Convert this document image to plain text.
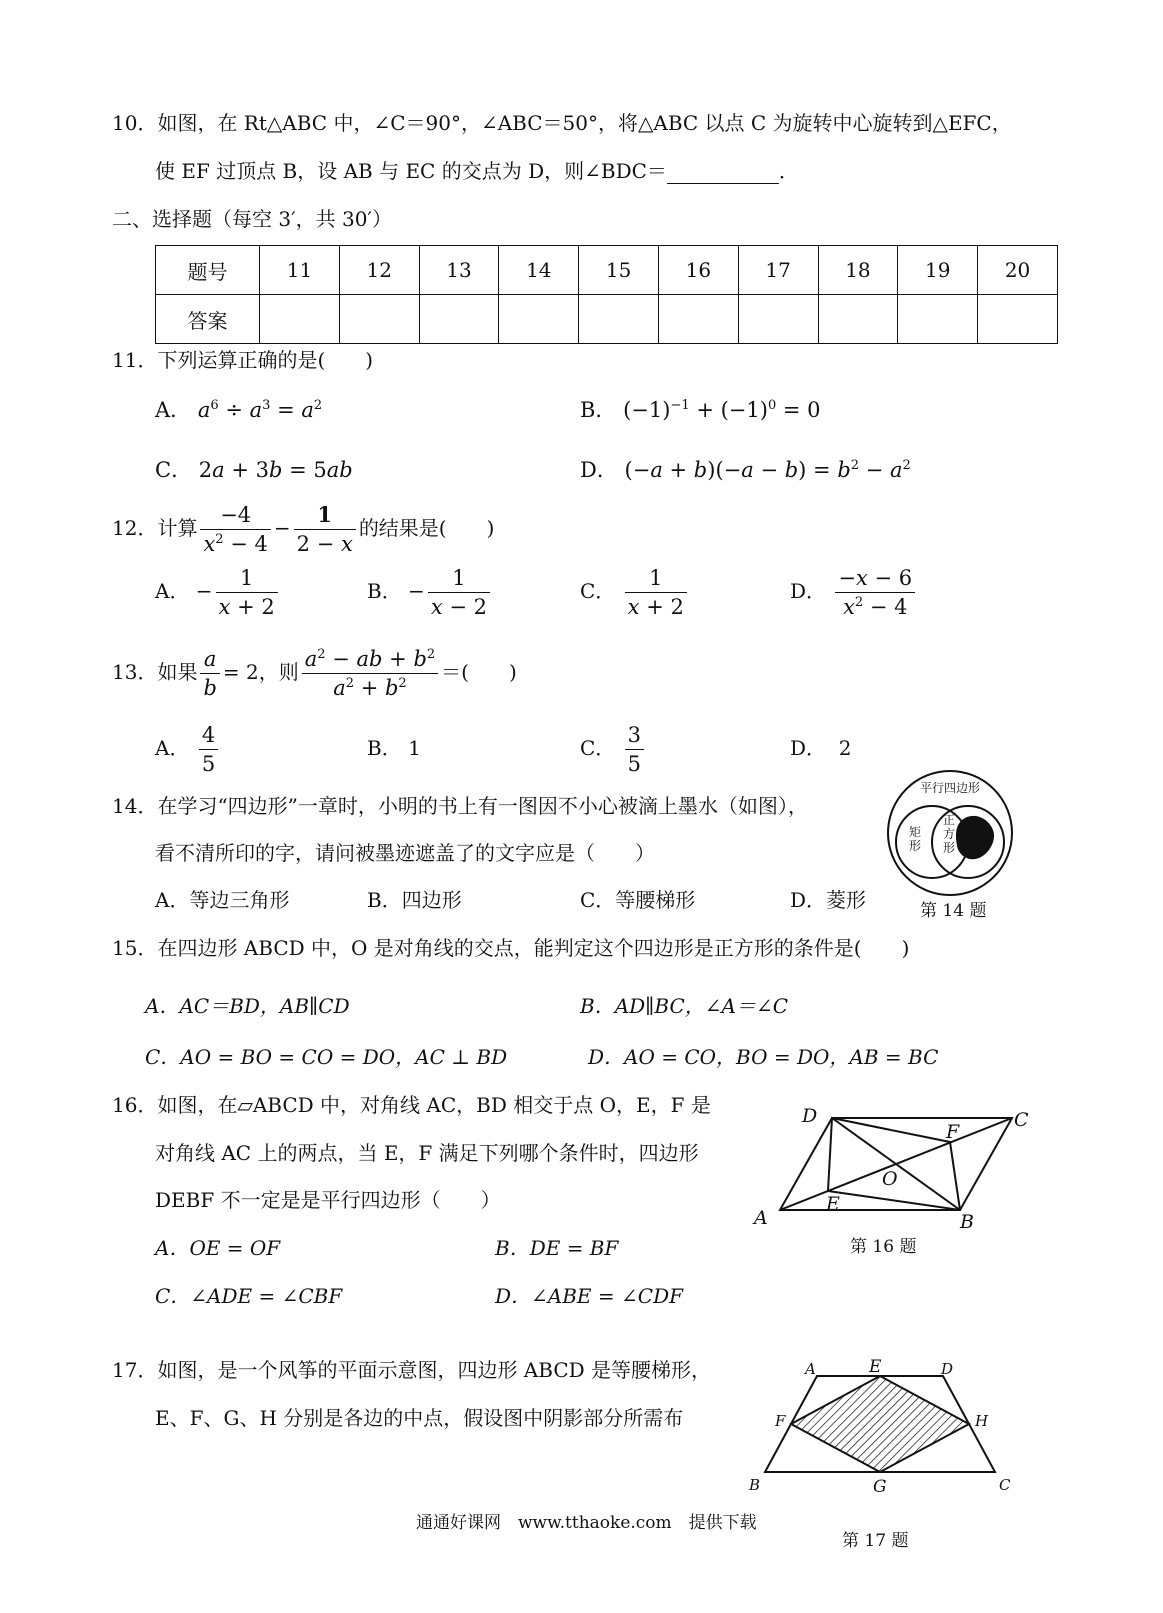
10．如图，在 Rt△ABC 中，∠C＝90°，∠ABC＝50°，将△ABC 以点 C 为旋转中心旋转到△EFC，
使 EF 过顶点 B，设 AB 与 EC 的交点为 D，则∠BDC＝	．
二、选择题（每空 3′，共 30′）
题号	11	12	13	14	15	16	17	18	19	20
答案										
11．下列运算正确的是(　　)
A． $a^6 \div a^3 = a^2$	B． $(-1)^{-1} + (-1)^0 = 0$
C． 2a + 3b = 5ab	D． $(-a + b)(-a - b) = b^2 - a^2$
12．计算 $\frac{-4}{x^2 - 4} - \frac{1}{2 - x}$ 的结果是(　　)
A． − $\frac{1}{x + 2}$	B． − $\frac{1}{x - 2}$	C． $\frac{1}{x + 2}$	D． $\frac{-x - 6}{x^2 - 4}$
13．如果 $\frac{a}{b} = 2$，则 $\frac{a^2 - ab + b^2}{a^2 + b^2}$ ＝(　　)
A． $\frac{4}{5}$	B． 1	C． $\frac{3}{5}$	D． 2
14．在学习“四边形”一章时，小明的书上有一图因不小心被滴上墨水（如图），
看不清所印的字，请问被墨迹遮盖了的文字应是（　　）
A．等边三角形	B．四边形	C．等腰梯形	D．菱形
平行四边形
矩
形
正
方
形
第 14 题
15．在四边形 ABCD 中，O 是对角线的交点，能判定这个四边形是正方形的条件是(　　)
A．AC＝BD，AB∥CD	B．AD∥BC，∠A＝∠C
C．AO = BO = CO = DO，AC ⊥ BD	D．AO = CO，BO = DO，AB = BC
16．如图，在▱ABCD 中，对角线 AC，BD 相交于点 O，E，F 是
对角线 AC 上的两点，当 E，F 满足下列哪个条件时，四边形
DEBF 不一定是是平行四边形（　　）
A．OE = OF	B．DE = BF
C．∠ADE = ∠CBF	D．∠ABE = ∠CDF
D	C
F
O
E
A	B
第 16 题
17．如图，是一个风筝的平面示意图，四边形 ABCD 是等腰梯形，
E、F、G、H 分别是各边的中点，假设图中阴影部分所需布
A	E	D
F	H
B	G	C
第 17 题
通通好课网　www.tthaoke.com　提供下载
